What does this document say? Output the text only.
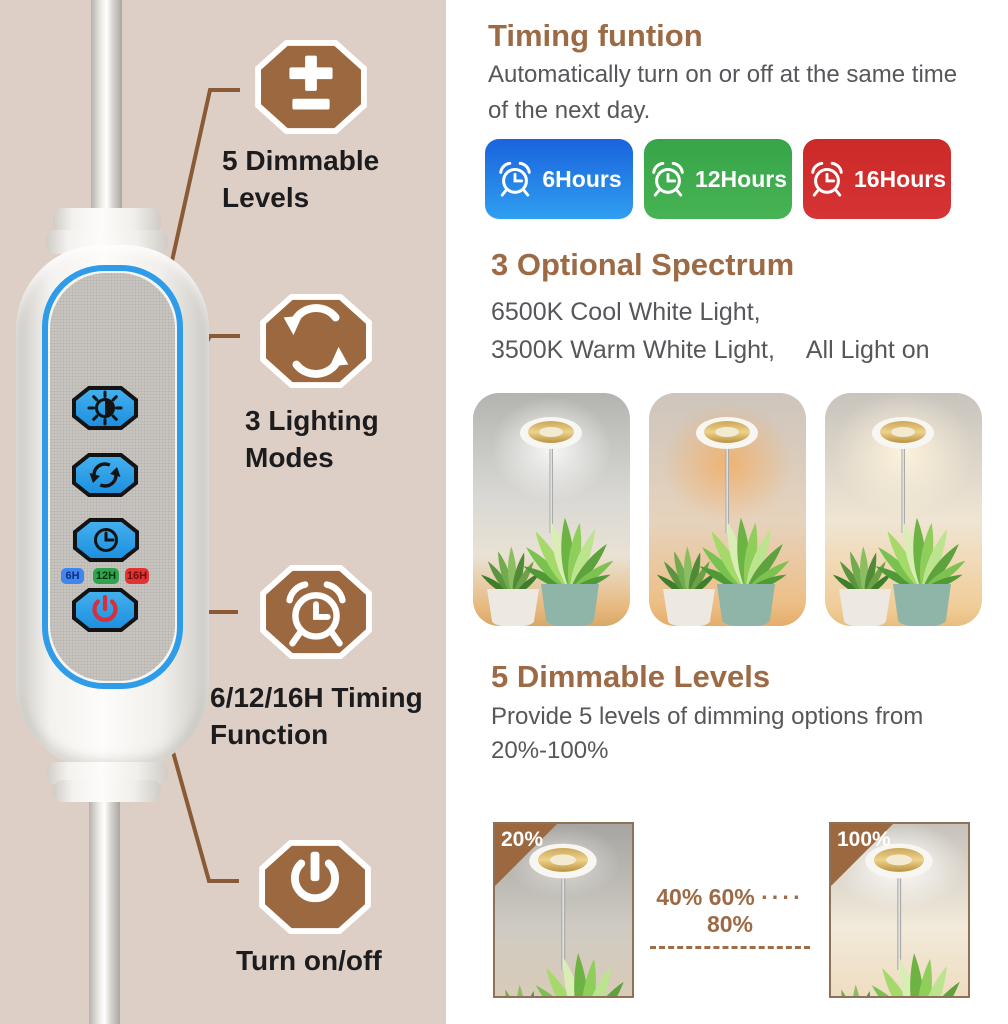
6H	12H 16H
5 Dimmable Levels
3 Lighting Modes
6/12/16H Timing Function
Turn on/off
Timing funtion
Automatically turn on or off at the same time
of the next day.
6Hours	12Hours	16Hours
3 Optional Spectrum
6500K Cool White Light,
3500K Warm White Light, All Light on
5 Dimmable Levels
Provide 5 levels of dimming options from
20%-100%
20%
40% 60% ···· 80%
100%
